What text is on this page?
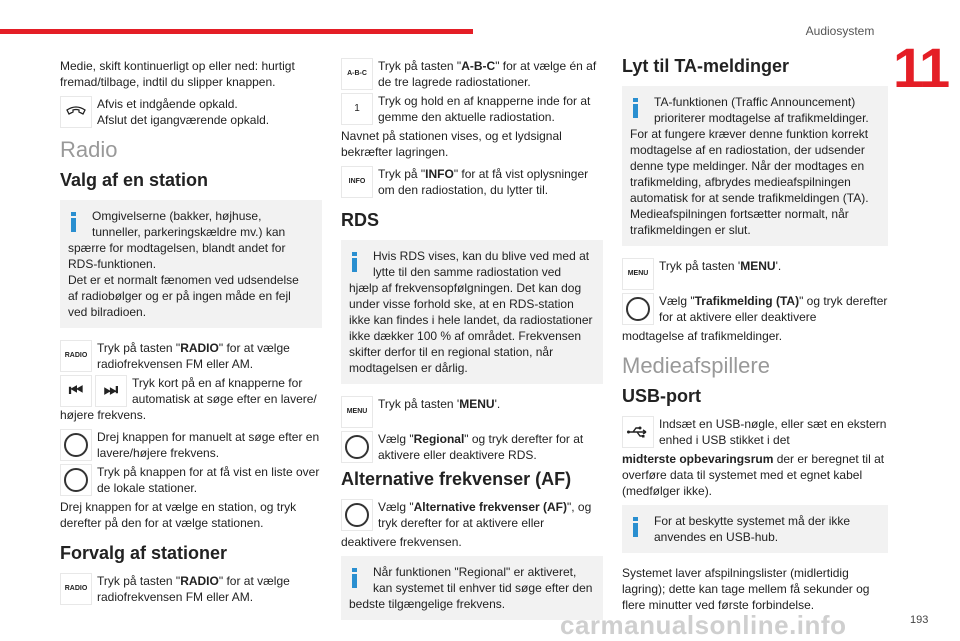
Audiosystem
11

Medie, skift kontinuerligt op eller ned: hurtigt fremad/tilbage, indtil du slipper knappen.

Afvis et indgående opkald.
Afslut det igangværende opkald.
Radio
Valg af en station
Omgivelserne (bakker, højhuse, tunneller, parkeringskældre mv.) kan
spærre for modtagelsen, blandt andet for RDS-funktionen.
Det er et normalt fænomen ved udsendelse af radiobølger og er på ingen måde en fejl ved bilradioen.
RADIO
Tryk på tasten "RADIO" for at vælge radiofrekvensen FM eller AM.
⏮	⏭	Tryk kort på en af knapperne for automatisk at søge efter en lavere/

højere frekvens.

Drej knappen for manuelt at søge efter en lavere/højere frekvens.
Tryk på knappen for at få vist en liste over de lokale stationer.

Drej knappen for at vælge en station, og tryk derefter på den for at vælge stationen.

Forvalg af stationer
RADIO
Tryk på tasten "RADIO" for at vælge radiofrekvensen FM eller AM.
A-B-C
Tryk på tasten "A-B-C" for at vælge én af de tre lagrede radiostationer.
1
Tryk og hold en af knapperne inde for at gemme den aktuelle radiostation.

Navnet på stationen vises, og et lydsignal bekræfter lagringen.

INFO
Tryk på "INFO" for at få vist oplysninger om den radiostation, du lytter til.
RDS
Hvis RDS vises, kan du blive ved med at lytte til den samme radiostation ved
hjælp af frekvensopfølgningen. Det kan dog under visse forhold ske, at en RDS-station ikke kan findes i hele landet, da radiostationer ikke dækker 100 % af området. Frekvensen skifter derfor til en regional station, når modtagelsen er dårlig.
MENU
Tryk på tasten 'MENU'.
Vælg "Regional" og tryk derefter for at aktivere eller deaktivere RDS.
Alternative frekvenser (AF)
Vælg "Alternative frekvenser (AF)", og tryk derefter for at aktivere eller

deaktivere frekvensen.

Når funktionen "Regional" er aktiveret, kan systemet til enhver tid søge efter den
bedste tilgængelige frekvens.
Lyt til TA-meldinger
TA-funktionen (Traffic Announcement) prioriterer modtagelse af trafikmeldinger.
For at fungere kræver denne funktion korrekt modtagelse af en radiostation, der udsender denne type meldinger. Når der modtages en trafikmelding, afbrydes medieafspilningen automatisk for at sende trafikmeldingen (TA). Medieafspilningen fortsætter normalt, når trafikmeldingen er slut.
MENU
Tryk på tasten 'MENU'.
Vælg "Trafikmelding (TA)" og tryk derefter for at aktivere eller deaktivere

modtagelse af trafikmeldinger.

Medieafspillere
USB-port
Indsæt en USB-nøgle, eller sæt en ekstern enhed i USB stikket i det

midterste opbevaringsrum der er beregnet til at overføre data til systemet med et egnet kabel (medfølger ikke).

For at beskytte systemet må der ikke anvendes en USB-hub.

Systemet laver afspilningslister (midlertidig lagring); dette kan tage mellem få sekunder og flere minutter ved første forbindelse.

carmanualsonline.info	193
